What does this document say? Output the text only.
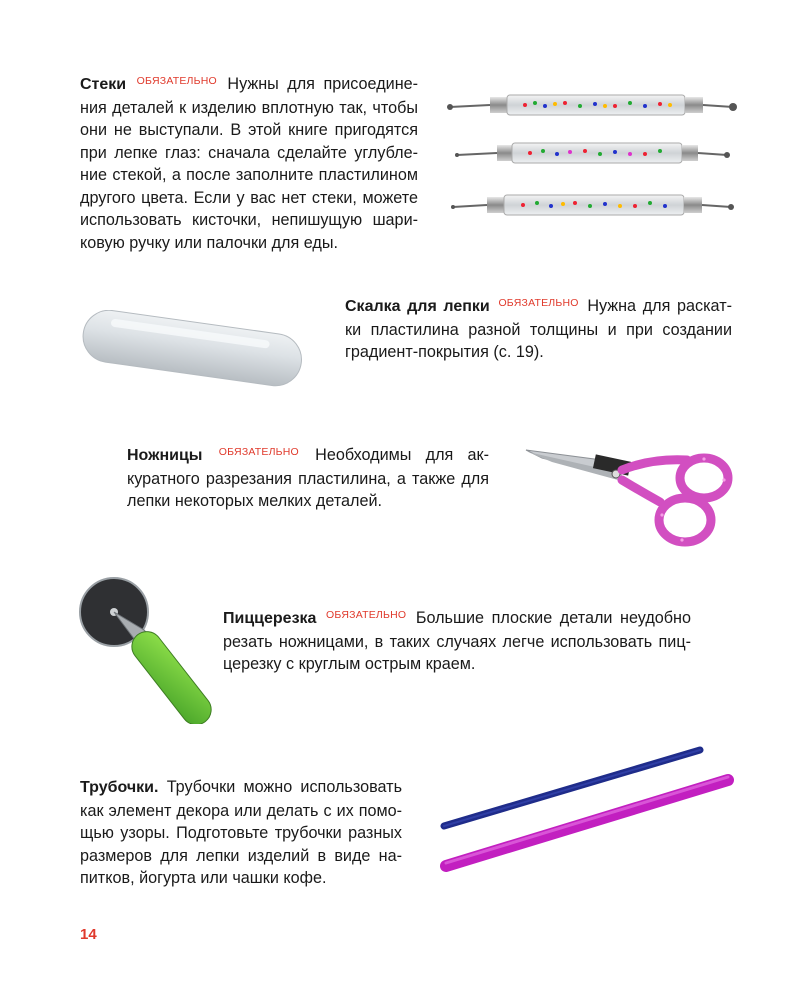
Стеки $^{ОБЯЗАТЕЛЬНО}$ Нужны для присоедине- ния деталей к изделию вплотную так, чтобы они не выступали. В этой книге пригодятся при лепке глаз: сначала сделайте углубле- ние стекой, а после заполните пластилином другого цвета. Если у вас нет стеки, можете использовать кисточки, непишущую шари- ковую ручку или палочки для еды.

Скалка для лепки $^{ОБЯЗАТЕЛЬНО}$ Нужна для раскат- ки пластилина разной толщины и при создании градиент-покрытия (с. 19).

Ножницы $^{ОБЯЗАТЕЛЬНО}$ Необходимы для ак- куратного разрезания пластилина, а также для лепки некоторых мелких деталей.

Пиццерезка $^{ОБЯЗАТЕЛЬНО}$ Большие плоские детали неудобно резать ножницами, в таких случаях легче использовать пиц- церезку с круглым острым краем.

Трубочки. Трубочки можно использовать как элемент декора или делать с их помо- щью узоры. Подготовьте трубочки разных размеров для лепки изделий в виде на- питков, йогурта или чашки кофе.

14
